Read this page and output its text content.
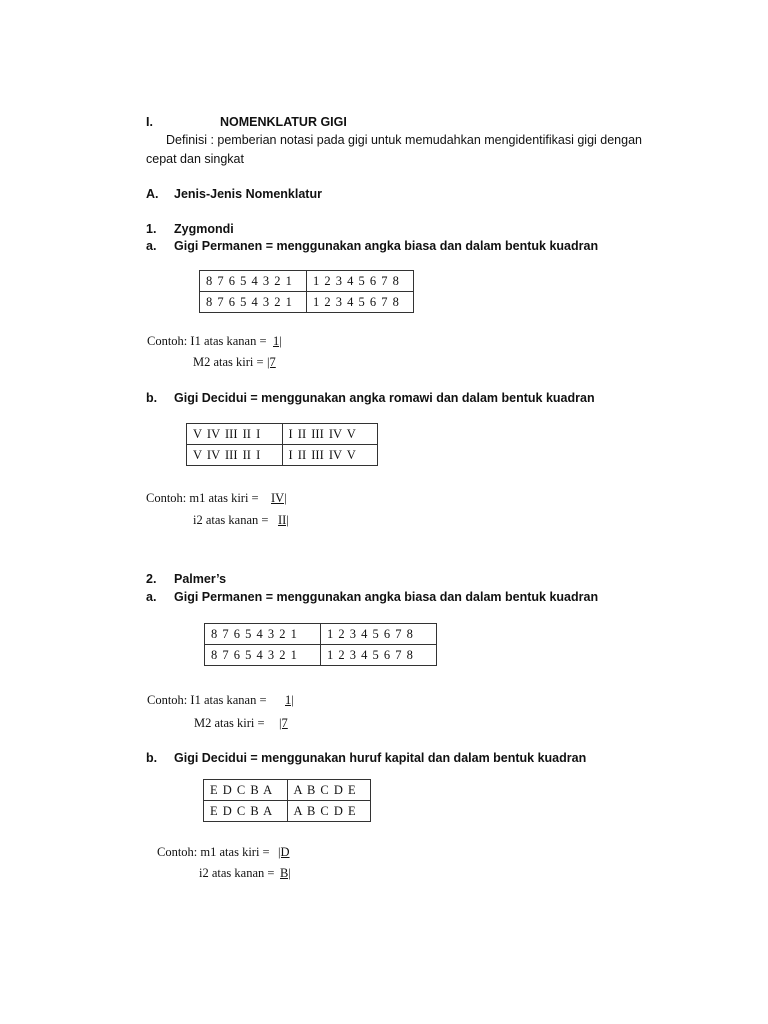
I.	NOMENKLATUR GIGI
Definisi : pemberian notasi pada gigi untuk memudahkan mengidentifikasi gigi dengan
cepat dan singkat
A. Jenis-Jenis Nomenklatur
1. Zygmondi
a. Gigi Permanen = menggunakan angka biasa dan dalam bentuk kuadran
8 7 6 5 4 3 2 1	1 2 3 4 5 6 7 8
8 7 6 5 4 3 2 1	1 2 3 4 5 6 7 8
Contoh: I1 atas kanan = 1|
M2 atas kiri = |7
b. Gigi Decidui = menggunakan angka romawi dan dalam bentuk kuadran
V IV III II I	I II III IV V
V IV III II I	I II III IV V
Contoh: m1 atas kiri = IV|
i2 atas kanan = II|
2. Palmer’s
a. Gigi Permanen = menggunakan angka biasa dan dalam bentuk kuadran
8 7 6 5 4 3 2 1	1 2 3 4 5 6 7 8
8 7 6 5 4 3 2 1	1 2 3 4 5 6 7 8
Contoh: I1 atas kanan = 1|
M2 atas kiri = |7
b. Gigi Decidui = menggunakan huruf kapital dan dalam bentuk kuadran
E D C B A	A B C D E
E D C B A	A B C D E
Contoh: m1 atas kiri = |D
i2 atas kanan = B|
